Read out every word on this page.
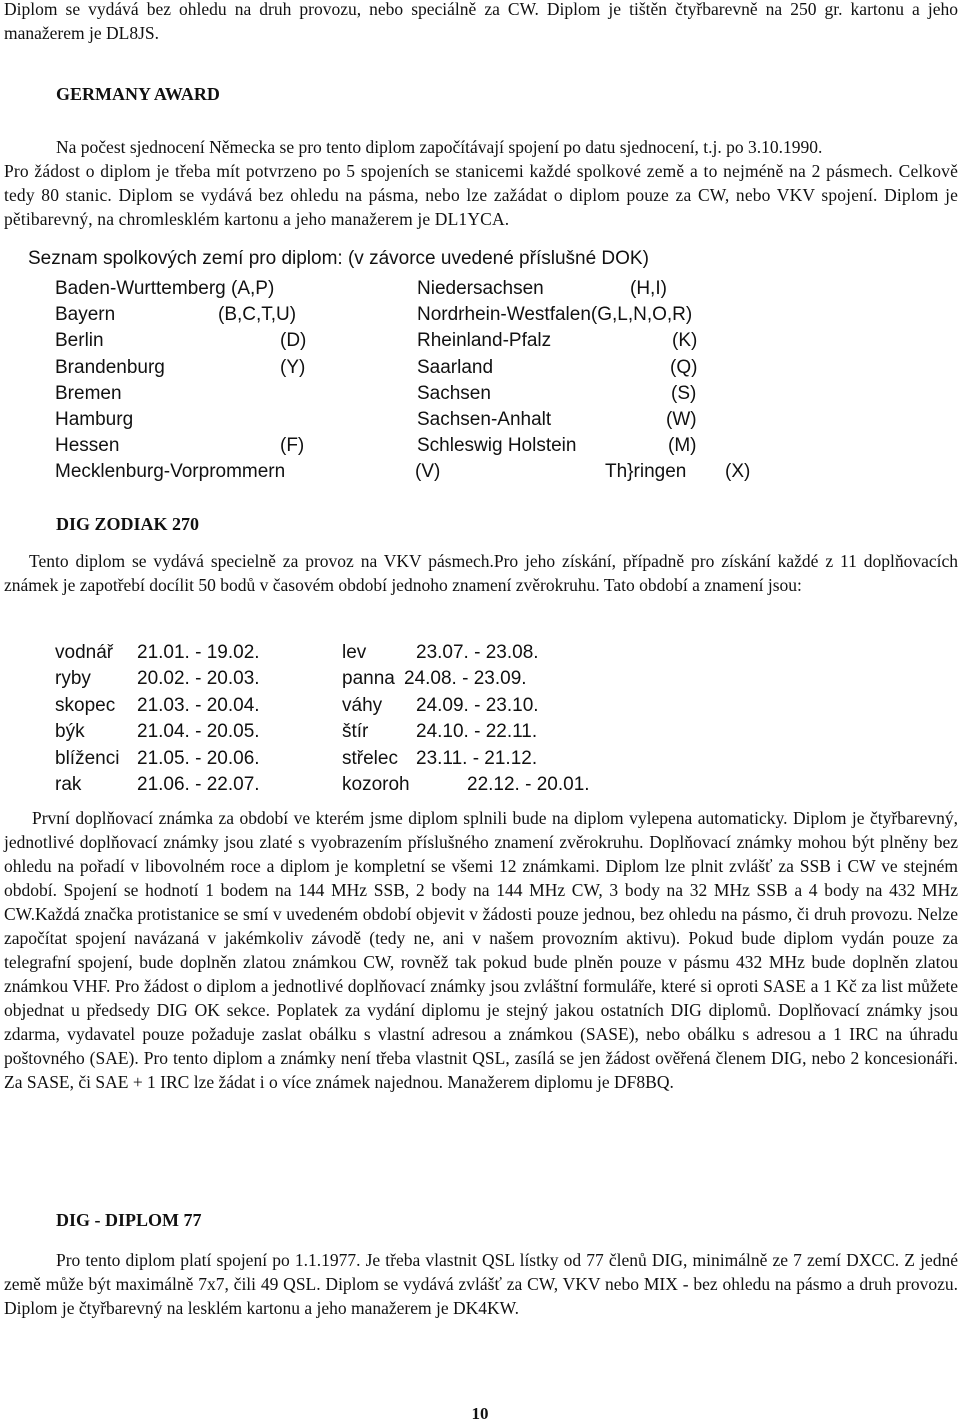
Diplom se vydává bez ohledu na druh provozu, nebo speciálně za CW. Diplom je tištěn čtyřbarevně na 250 gr. kartonu a jeho manažerem je DL8JS.

GERMANY AWARD

Na počest sjednocení Německa se pro tento diplom započítávají spojení po datu sjednocení, t.j. po 3.10.1990.

Pro žádost o diplom je třeba mít potvrzeno po 5 spojeních se stanicemi každé spolkové země a to nejméně na 2 pásmech. Celkově tedy 80 stanic. Diplom se vydává bez ohledu na pásma, nebo lze zažádat o diplom pouze za CW, nebo VKV spojení. Diplom je pětibarevný, na chromlesklém kartonu a jeho manažerem je DL1YCA.

Seznam spolkových zemí pro diplom: (v závorce uvedené příslušné DOK)

Baden-Wurttemberg (A,P)	Niedersachsen	(H,I)
Bayern	(B,C,T,U)	Nordrhein-Westfalen(G,L,N,O,R)
Berlin	(D)	Rheinland-Pfalz	(K)
Brandenburg	(Y)	Saarland	(Q)
Bremen	Sachsen	(S)
Hamburg	Sachsen-Anhalt	(W)
Hessen	(F)	Schleswig Holstein	(M)
Mecklenburg-Vorprommern	(V)	Th}ringen (X)
DIG ZODIAK 270

Tento diplom se vydává specielně za provoz na VKV pásmech.Pro jeho získání, případně pro získání každé z 11 doplňovacích známek je zapotřebí docílit 50 bodů v časovém období jednoho znamení zvěrokruhu. Tato období a znamení jsou:

vodnář 21.01. - 19.02.	lev	23.07. - 23.08.
ryby 20.02. - 20.03.	panna 24.08. - 23.09.
skopec 21.03. - 20.04.	váhy 24.09. - 23.10.
býk	21.04. - 20.05.	štír	24.10. - 22.11.
blíženci 21.05. - 20.06.	střelec 23.11. - 21.12.
rak	21.06. - 22.07.	kozoroh	22.12. - 20.01.

První doplňovací známka za období ve kterém jsme diplom splnili bude na diplom vylepena automaticky. Diplom je čtyřbarevný, jednotlivé doplňovací známky jsou zlaté s vyobrazením příslušného znamení zvěrokruhu. Doplňovací známky mohou být plněny bez ohledu na pořadí v libovolném roce a diplom je kompletní se všemi 12 známkami. Diplom lze plnit zvlášť za SSB i CW ve stejném období. Spojení se hodnotí 1 bodem na 144 MHz SSB, 2 body na 144 MHz CW, 3 body na 32 MHz SSB a 4 body na 432 MHz CW.Každá značka protistanice se smí v uvedeném období objevit v žádosti pouze jednou, bez ohledu na pásmo, či druh provozu. Nelze započítat spojení navázaná v jakémkoliv závodě (tedy ne, ani v našem provozním aktivu). Pokud bude diplom vydán pouze za telegrafní spojení, bude doplněn zlatou známkou CW, rovněž tak pokud bude plněn pouze v pásmu 432 MHz bude doplněn zlatou známkou VHF. Pro žádost o diplom a jednotlivé doplňovací známky jsou zvláštní formuláře, které si oproti SASE a 1 Kč za list můžete objednat u předsedy DIG OK sekce. Poplatek za vydání diplomu je stejný jakou ostatních DIG diplomů. Doplňovací známky jsou zdarma, vydavatel pouze požaduje zaslat obálku s vlastní adresou a známkou (SASE), nebo obálku s adresou a 1 IRC na úhradu poštovného (SAE). Pro tento diplom a známky není třeba vlastnit QSL, zasílá se jen žádost ověřená členem DIG, nebo 2 koncesionáři. Za SASE, či SAE + 1 IRC lze žádat i o více známek najednou. Manažerem diplomu je DF8BQ.

DIG - DIPLOM 77

Pro tento diplom platí spojení po 1.1.1977. Je třeba vlastnit QSL lístky od 77 členů DIG, minimálně ze 7 zemí DXCC. Z jedné země může být maximálně 7x7, čili 49 QSL. Diplom se vydává zvlášť za CW, VKV nebo MIX - bez ohledu na pásmo a druh provozu. Diplom je čtyřbarevný na lesklém kartonu a jeho manažerem je DK4KW.

10
